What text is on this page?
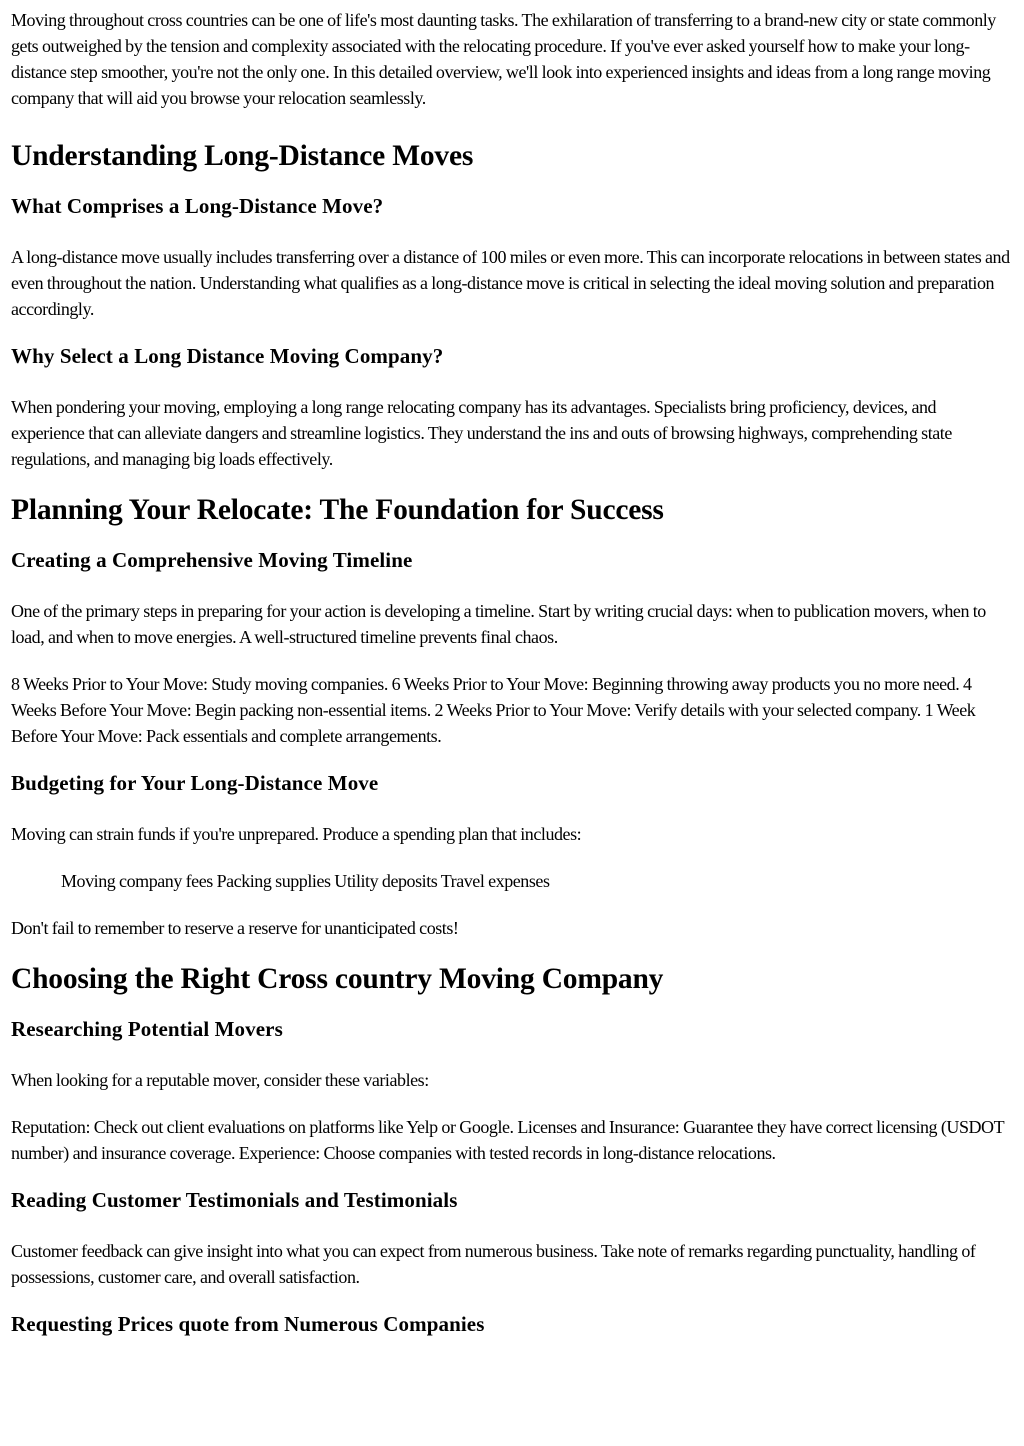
Moving throughout cross countries can be one of life's most daunting tasks. The exhilaration of transferring to a brand-new city or state commonly gets outweighed by the tension and complexity associated with the relocating procedure. If you've ever asked yourself how to make your long-distance step smoother, you're not the only one. In this detailed overview, we'll look into experienced insights and ideas from a long range moving company that will aid you browse your relocation seamlessly.

Understanding Long-Distance Moves
What Comprises a Long-Distance Move?

A long-distance move usually includes transferring over a distance of 100 miles or even more. This can incorporate relocations in between states and even throughout the nation. Understanding what qualifies as a long-distance move is critical in selecting the ideal moving solution and preparation accordingly.

Why Select a Long Distance Moving Company?

When pondering your moving, employing a long range relocating company has its advantages. Specialists bring proficiency, devices, and experience that can alleviate dangers and streamline logistics. They understand the ins and outs of browsing highways, comprehending state regulations, and managing big loads effectively.

Planning Your Relocate: The Foundation for Success
Creating a Comprehensive Moving Timeline

One of the primary steps in preparing for your action is developing a timeline. Start by writing crucial days: when to publication movers, when to load, and when to move energies. A well-structured timeline prevents final chaos.

8 Weeks Prior to Your Move: Study moving companies. 6 Weeks Prior to Your Move: Beginning throwing away products you no more need. 4 Weeks Before Your Move: Begin packing non-essential items. 2 Weeks Prior to Your Move: Verify details with your selected company. 1 Week Before Your Move: Pack essentials and complete arrangements.

Budgeting for Your Long-Distance Move

Moving can strain funds if you're unprepared. Produce a spending plan that includes:

Moving company fees Packing supplies Utility deposits Travel expenses

Don't fail to remember to reserve a reserve for unanticipated costs!

Choosing the Right Cross country Moving Company
Researching Potential Movers

When looking for a reputable mover, consider these variables:

Reputation: Check out client evaluations on platforms like Yelp or Google. Licenses and Insurance: Guarantee they have correct licensing (USDOT number) and insurance coverage. Experience: Choose companies with tested records in long-distance relocations.

Reading Customer Testimonials and Testimonials

Customer feedback can give insight into what you can expect from numerous business. Take note of remarks regarding punctuality, handling of possessions, customer care, and overall satisfaction.

Requesting Prices quote from Numerous Companies
